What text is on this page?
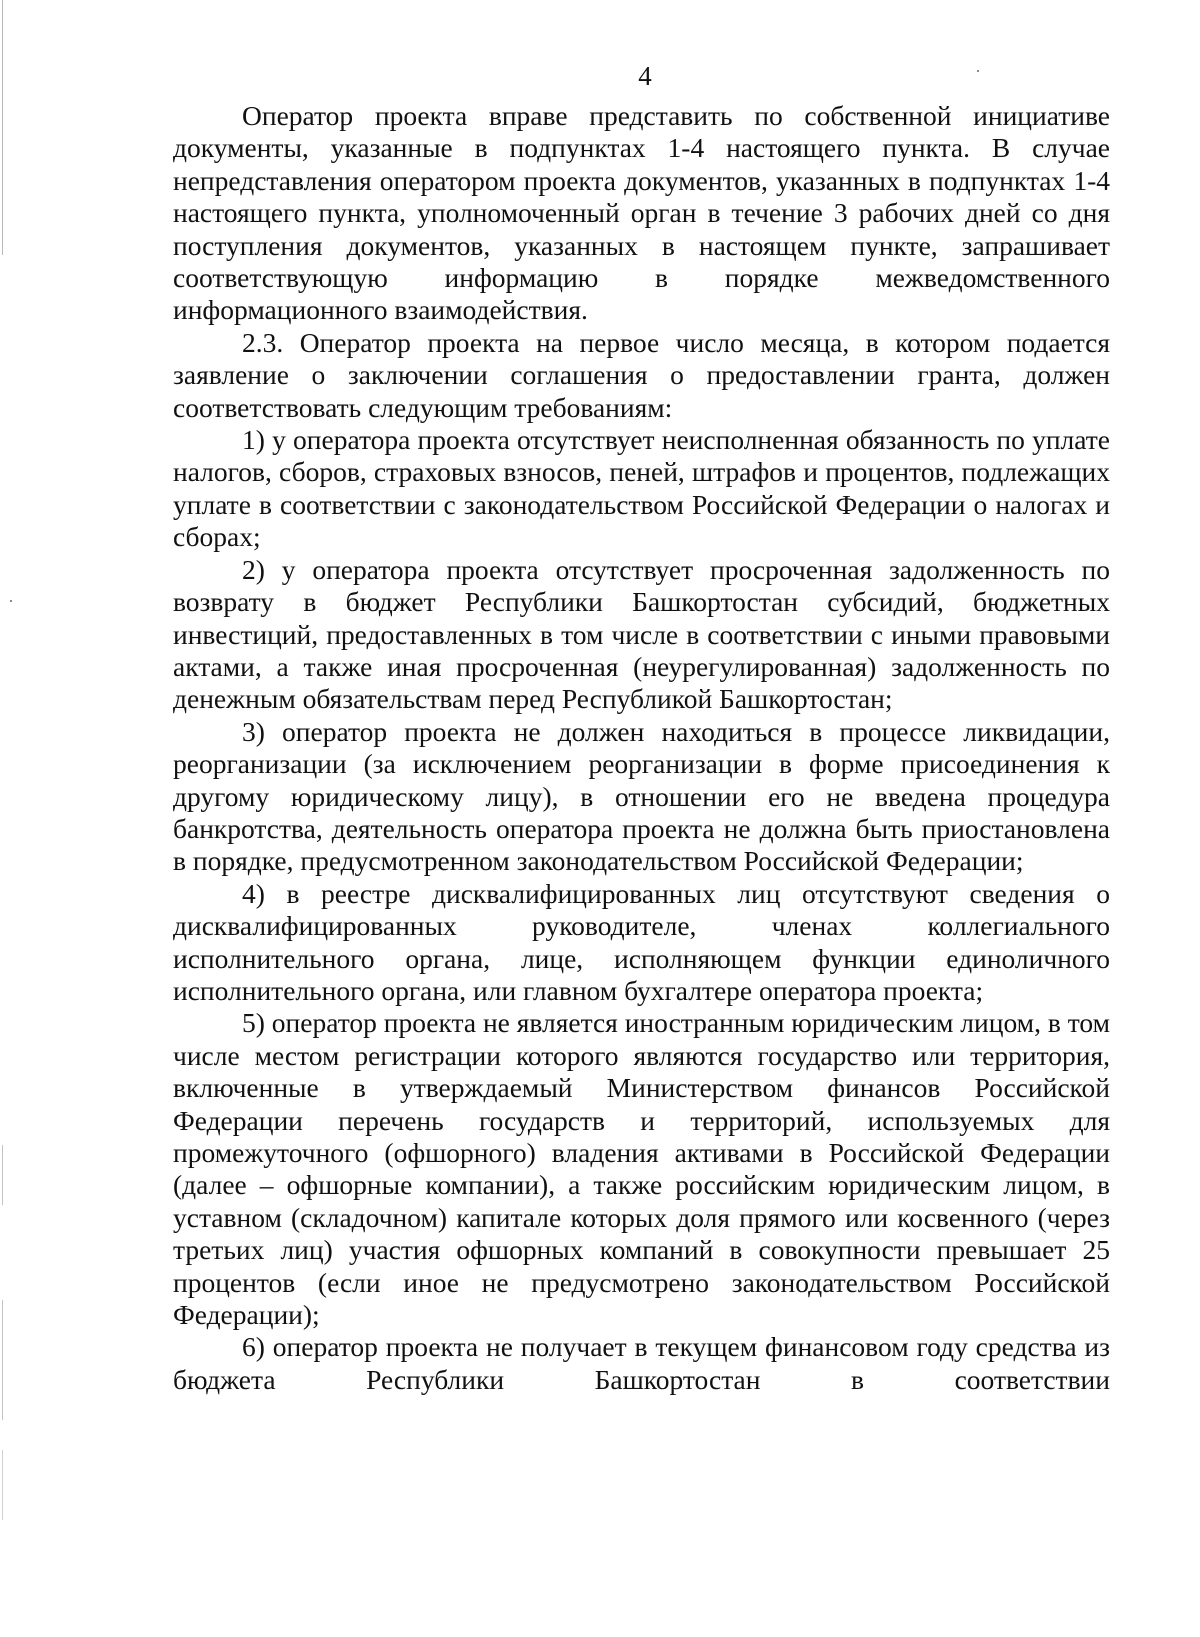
4

Оператор проекта вправе представить по собственной инициативе документы, указанные в подпунктах 1-4 настоящего пункта. В случае непредставления оператором проекта документов, указанных в подпунктах 1-4 настоящего пункта, уполномоченный орган в течение 3 рабочих дней со дня поступления документов, указанных в настоящем пункте, запрашивает соответствующую информацию в порядке межведомственного информационного взаимодействия.

2.3. Оператор проекта на первое число месяца, в котором подается заявление о заключении соглашения о предоставлении гранта, должен соответствовать следующим требованиям:

1) у оператора проекта отсутствует неисполненная обязанность по уплате налогов, сборов, страховых взносов, пеней, штрафов и процентов, подлежащих уплате в соответствии с законодательством Российской Федерации о налогах и сборах;

2) у оператора проекта отсутствует просроченная задолженность по возврату в бюджет Республики Башкортостан субсидий, бюджетных инвестиций, предоставленных в том числе в соответствии с иными правовыми актами, а также иная просроченная (неурегулированная) задолженность по денежным обязательствам перед Республикой Башкортостан;

3) оператор проекта не должен находиться в процессе ликвидации, реорганизации (за исключением реорганизации в форме присоединения к другому юридическому лицу), в отношении его не введена процедура банкротства, деятельность оператора проекта не должна быть приостановлена в порядке, предусмотренном законодательством Российской Федерации;

4) в реестре дисквалифицированных лиц отсутствуют сведения о дисквалифицированных руководителе, членах коллегиального исполнительного органа, лице, исполняющем функции единоличного исполнительного органа, или главном бухгалтере оператора проекта;

5) оператор проекта не является иностранным юридическим лицом, в том числе местом регистрации которого являются государство или территория, включенные в утверждаемый Министерством финансов Российской Федерации перечень государств и территорий, используемых для промежуточного (офшорного) владения активами в Российской Федерации (далее – офшорные компании), а также российским юридическим лицом, в уставном (складочном) капитале которых доля прямого или косвенного (через третьих лиц) участия офшорных компаний в совокупности превышает 25 процентов (если иное не предусмотрено законодательством Российской Федерации);

6) оператор проекта не получает в текущем финансовом году средства из бюджета Республики Башкортостан в соответствии
